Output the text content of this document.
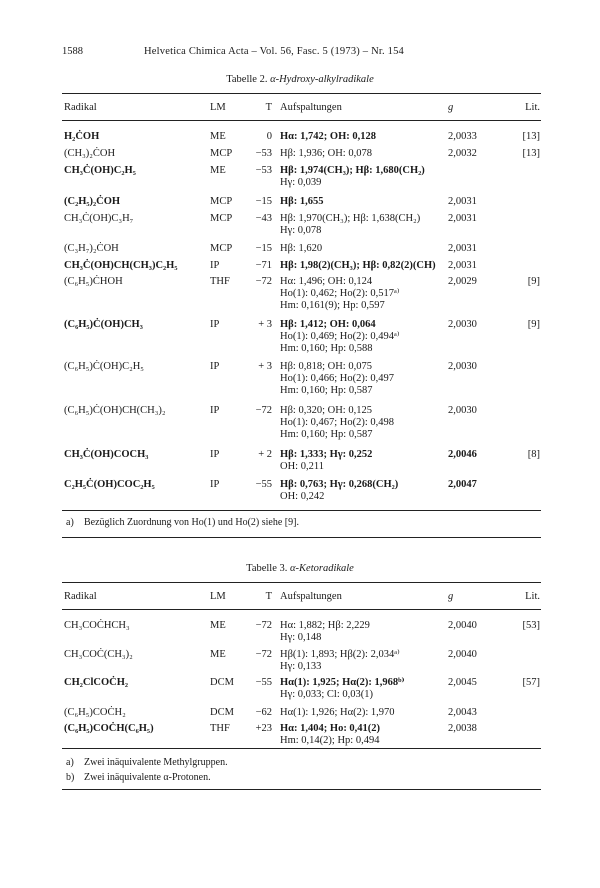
1588	Helvetica Chimica Acta – Vol. 56, Fasc. 5 (1973) – Nr. 154
Tabelle 2. α-Hydroxy-alkylradikale
Radikal	LM	T Aufspaltungen	g	Lit.
H₂ĊOH	ME	0 Hα: 1,742; OH: 0,128	2,0033	[13]
(CH₃)₂ĊOH	MCP	−53 Hβ: 1,936; OH: 0,078	2,0032	[13]
CH₃Ċ(OH)C₂H₅	ME	−53 Hβ: 1,974(CH₃); Hβ: 1,680(CH₂)
Hγ: 0,039
(C₂H₅)₂ĊOH	MCP	−15 Hβ: 1,655	2,0031
CH₃Ċ(OH)C₃H₇	MCP	−43 Hβ: 1,970(CH₃); Hβ: 1,638(CH₂)
Hγ: 0,078
2,0031
(C₃H₇)₂ĊOH	MCP	−15 Hβ: 1,620	2,0031
CH₃Ċ(OH)CH(CH₃)C₂H₅	IP	−71 Hβ: 1,98(2)(CH₃); Hβ: 0,82(2)(CH) 2,0031
(C₆H₅)ĊHOH	THF	−72 Hα: 1,496; OH: 0,124
Ho(1): 0,462; Ho(2): 0,517ᵃ⁾
Hm: 0,161(9); Hp: 0,597
2,0029	[9]
(C₆H₅)Ċ(OH)CH₃	IP	+ 3 Hβ: 1,412; OH: 0,064
Ho(1): 0,469; Ho(2): 0,494ᵃ⁾
Hm: 0,160; Hp: 0,588
2,0030	[9]
(C₆H₅)Ċ(OH)C₂H₅	IP	+ 3 Hβ: 0,818; OH: 0,075
Ho(1): 0,466; Ho(2): 0,497
Hm: 0,160; Hp: 0,587
2,0030
(C₆H₅)Ċ(OH)CH(CH₃)₂	IP	−72 Hβ: 0,320; OH: 0,125
Ho(1): 0,467; Ho(2): 0,498
Hm: 0,160; Hp: 0,587
2,0030
CH₃Ċ(OH)COCH₃	IP	+ 2 Hβ: 1,333; Hγ: 0,252
OH: 0,211
2,0046	[8]
C₂H₅Ċ(OH)COC₂H₅	IP	−55 Hβ: 0,763; Hγ: 0,268(CH₂)
OH: 0,242
2,0047
a) Bezüglich Zuordnung von Ho(1) und Ho(2) siehe [9].
Tabelle 3. α-Ketoradikale
Radikal	LM	T Aufspaltungen	g	Lit.
CH₃COĊHCH₃	ME	−72 Hα: 1,882; Hβ: 2,229
Hγ: 0,148
2,0040	[53]
CH₃COĊ(CH₃)₂	ME	−72 Hβ(1): 1,893; Hβ(2): 2,034ᵃ⁾
Hγ: 0,133
2,0040
CH₂ClCOĊH₂	DCM	−55 Hα(1): 1,925; Hα(2): 1,968ᵇ⁾
Hγ: 0,033; Cl: 0,03(1)
2,0045	[57]
(C₆H₅)COĊH₂	DCM	−62 Hα(1): 1,926; Hα(2): 1,970	2,0043
(C₆H₅)COĊH(C₆H₅)	THF	+23 Hα: 1,404; Ho: 0,41(2)
Hm: 0,14(2); Hp: 0,494
2,0038
a) Zwei inäquivalente Methylgruppen.
b) Zwei inäquivalente α-Protonen.
